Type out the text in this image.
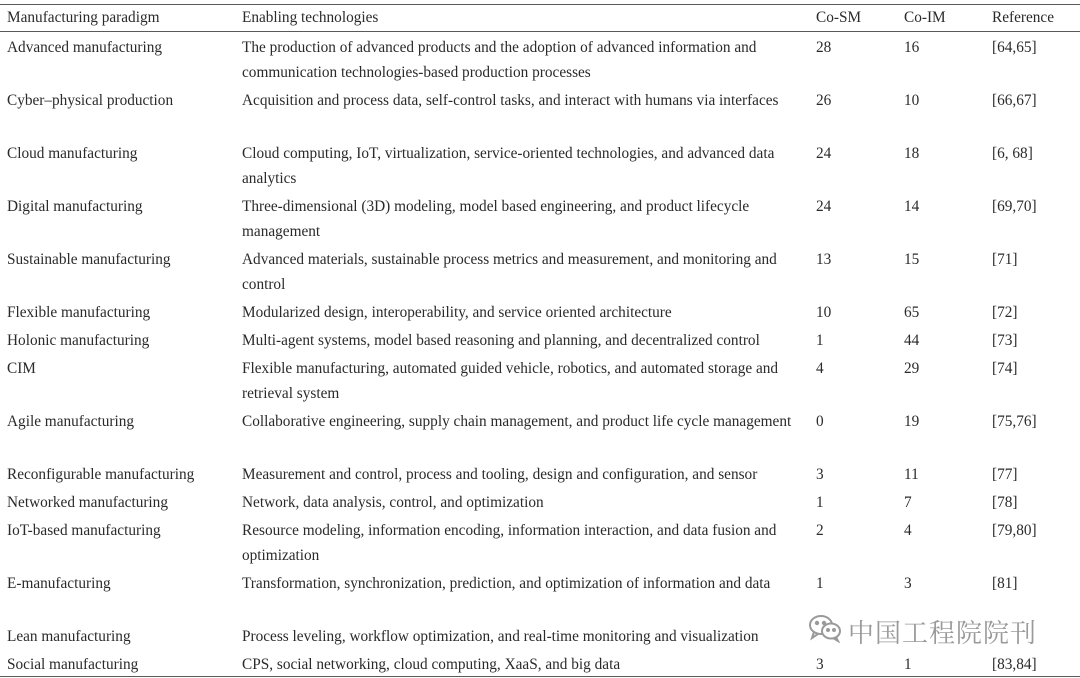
Manufacturing paradigm	Enabling technologies	Co-SM	Co-IM	Reference
Advanced manufacturing	The production of advanced products and the adoption of advanced information and communication technologies-based production processes	28	16	[64,65]
Cyber–physical production	Acquisition and process data, self-control tasks, and interact with humans via interfaces	26	10	[66,67]
Cloud manufacturing	Cloud computing, IoT, virtualization, service-oriented technologies, and advanced data analytics	24	18	[6, 68]
Digital manufacturing	Three-dimensional (3D) modeling, model based engineering, and product lifecycle management	24	14	[69,70]
Sustainable manufacturing	Advanced materials, sustainable process metrics and measurement, and monitoring and control	13	15	[71]
Flexible manufacturing	Modularized design, interoperability, and service oriented architecture	10	65	[72]
Holonic manufacturing	Multi-agent systems, model based reasoning and planning, and decentralized control	1	44	[73]
CIM	Flexible manufacturing, automated guided vehicle, robotics, and automated storage and retrieval system	4	29	[74]
Agile manufacturing	Collaborative engineering, supply chain management, and product life cycle management	0	19	[75,76]
Reconfigurable manufacturing	Measurement and control, process and tooling, design and configuration, and sensor	3	11	[77]
Networked manufacturing	Network, data analysis, control, and optimization	1	7	[78]
IoT-based manufacturing	Resource modeling, information encoding, information interaction, and data fusion and optimization	2	4	[79,80]
E-manufacturing	Transformation, synchronization, prediction, and optimization of information and data	1	3	[81]
Lean manufacturing	Process leveling, workflow optimization, and real-time monitoring and visualization			
Social manufacturing	CPS, social networking, cloud computing, XaaS, and big data	3	1	[83,84]
中国工程院院刊
